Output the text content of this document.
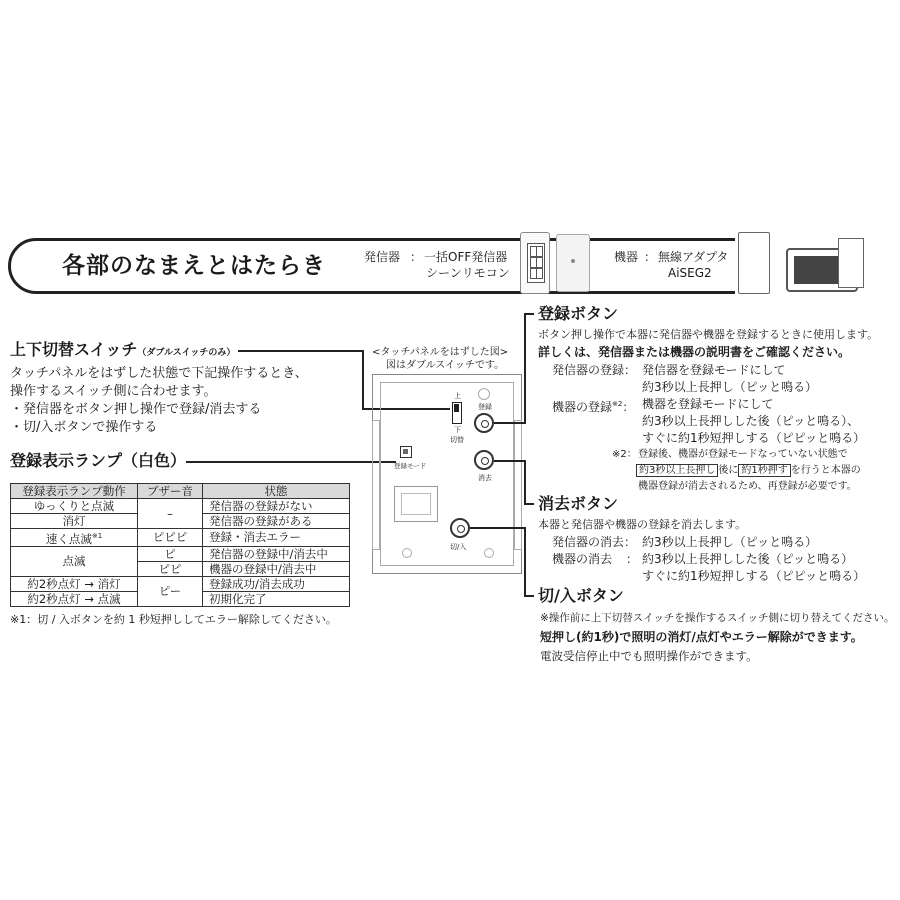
各部のなまえとはたらき	発信器 ： 一括OFF発信器
シーンリモコン
機器 ： 無線アダプタ
AiSEG2
上下切替スイッチ（ダブルスイッチのみ）
タッチパネルをはずした状態で下記操作するとき、
操作するスイッチ側に合わせます。
・発信器をボタン押し操作で登録/消去する
・切/入ボタンで操作する
登録表示ランプ（白色）
登録表示ランプ動作	ブザー音	状態
ゆっくりと点滅	–	発信器の登録がない
消灯		発信器の登録がある
速く点滅$^{※1}$	ピピピ	登録・消去エラー
点滅	ピ	発信器の登録中/消去中
	ピピ	機器の登録中/消去中
約2秒点灯 → 消灯	ピー	登録成功/消去成功
約2秒点灯 → 点滅		初期化完了
※1：切 / 入ボタンを約 1 秒短押ししてエラー解除してください。
<タッチパネルをはずした図>
図はダブルスイッチです。
上
下
切替
登録
登録モード
消去
切/入
登録ボタン
ボタン押し操作で本器に発信器や機器を登録するときに使用します。
詳しくは、発信器または機器の説明書をご確認ください。
発信器の登録： 発信器を登録モードにして
約3秒以上長押し（ピッと鳴る）
機器の登録$^{※2}$： 機器を登録モードにして
約3秒以上長押しした後（ピッと鳴る）、
すぐに約1秒短押しする（ピピッと鳴る）
※2： 登録後、機器が登録モードなっていない状態で
約3秒以上長押し 後に 約1秒押す を行うと本器の
機器登録が消去されるため、再登録が必要です。
消去ボタン
本器と発信器や機器の登録を消去します。
発信器の消去： 約3秒以上長押し（ピッと鳴る）
機器の消去 ： 約3秒以上長押しした後（ピッと鳴る）
すぐに約1秒短押しする（ピピッと鳴る）
切/入ボタン
※操作前に上下切替スイッチを操作するスイッチ側に切り替えてください。
短押し(約1秒)で照明の消灯/点灯やエラー解除ができます。
電波受信停止中でも照明操作ができます。
